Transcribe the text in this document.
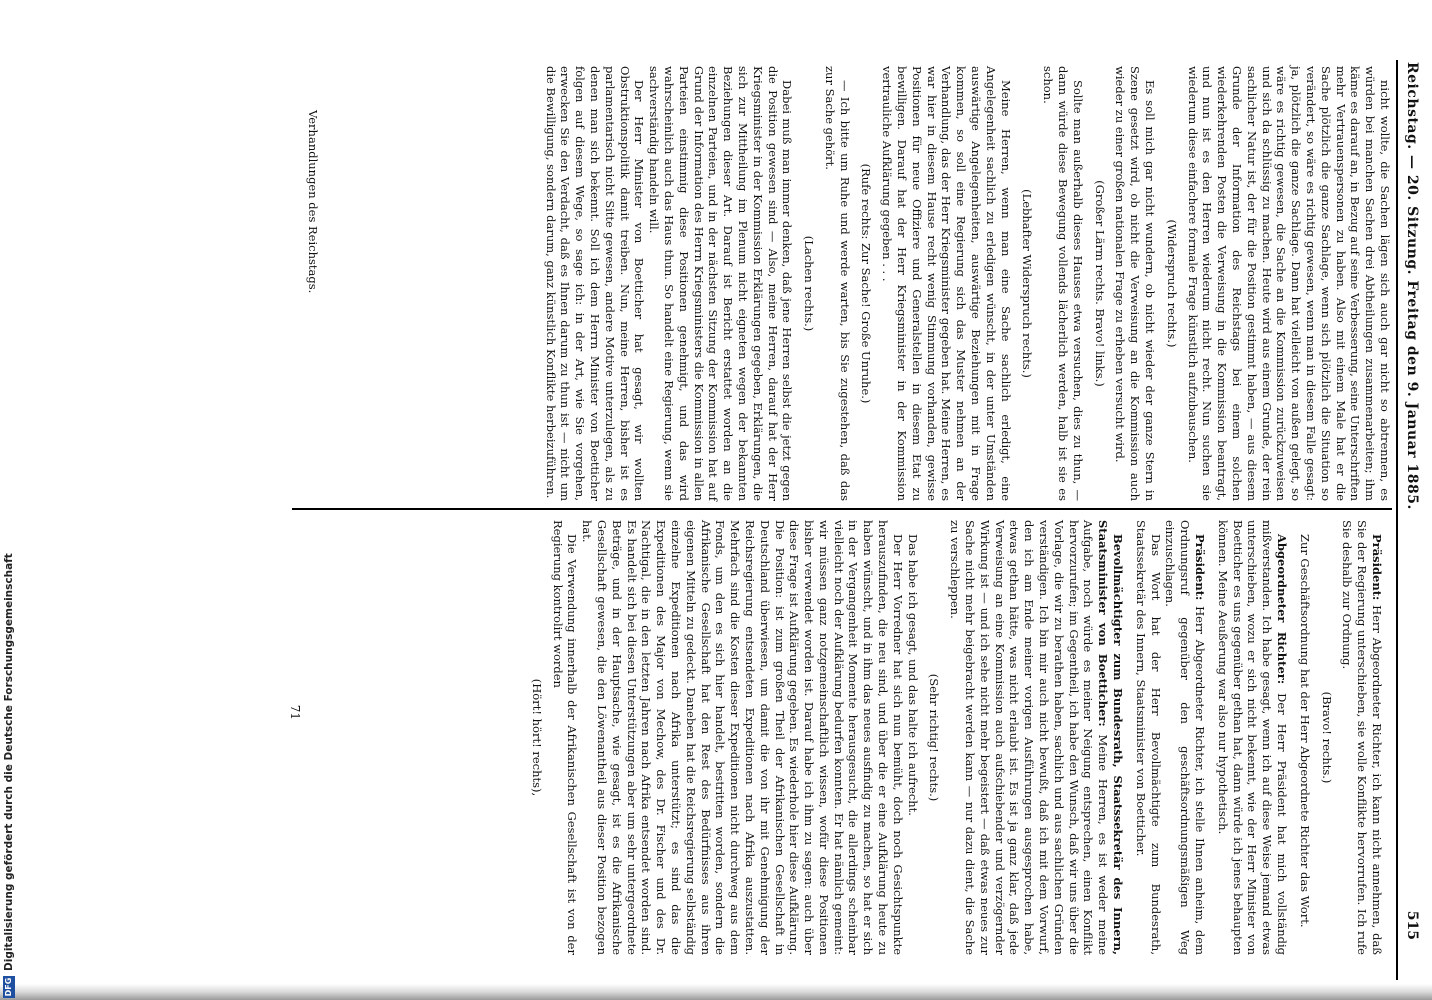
Reichstag. — 20. Sitzung. Freitag den 9. Januar 1885.
515

nicht wollte, die Sachen lägen sich auch gar nicht so abtrennen, es würden bei manchen Sachen drei Abtheilungen zusammenarbeiten; ihm käme es darauf an, in Bezug auf seine Verbesserung, seine Unterschriften mehr Vertrauenspersonen zu haben. Also mit einem Male hat er die Sache plötzlich die ganze Sachlage, wenn sich plötzlich die Situation so verändert, so wäre es richtig gewesen, wenn man in diesem Falle gesagt: ja, plötzlich die ganze Sachlage. Dann hat vielleicht von außen gelegt, so wäre es richtig gewesen, die Sache an die Kommission zurückzuweisen und sich da schlüssig zu machen. Heute wird aus einem Grunde, der rein sachlicher Natur ist, der für die Position gestimmt haben, — aus diesem Grunde der Information des Reichstags bei einem solchen wiederkehrenden Posten die Verweisung in die Kommission beantragt, und nun ist es den Herren wiederum nicht recht. Nun suchen sie wiederum diese einfachere formale Frage künstlich aufzubauschen.

(Widerspruch rechts.)

Es soll mich gar nicht wundern, ob nicht wieder der ganze Stern in Szene gesetzt wird, ob nicht die Verweisung an die Kommission auch wieder zu einer großen nationalen Frage zu erheben versucht wird.

(Großer Lärm rechts. Bravo! links.)

Sollte man außerhalb dieses Hauses etwa versuchen, dies zu thun, — dann würde diese Bewegung vollends lächerlich werden, halb ist sie es schon.

(Lebhafter Widerspruch rechts.)

Meine Herren, wenn man eine Sache sachlich erledigt, eine Angelegenheit sachlich zu erledigen wünscht, in der unter Umständen auswärtige Angelegenheiten, auswärtige Beziehungen mit in Frage kommen, so soll eine Regierung sich das Muster nehmen an der Verhandlung, das der Herr Kriegsminister gegeben hat. Meine Herren, es war hier in diesem Hause recht wenig Stimmung vorhanden, gewisse Positionen für neue Offiziere und Generalstellen in diesem Etat zu bewilligen. Darauf hat der Herr Kriegsminister in der Kommission vertrauliche Aufklärung gegeben . . .

(Rufe rechts: Zur Sache! Große Unruhe.)

— Ich bitte um Ruhe und werde warten, bis Sie zugestehen, daß das zur Sache gehört.

(Lachen rechts.)

Dabei muß man immer denken, daß jene Herren selbst die jetzt gegen die Position gewesen sind — Also, meine Herren, darauf hat der Herr Kriegsminister in der Kommission Erklärungen gegeben, Erklärungen, die sich zur Mittheilung im Plenum nicht eigneten wegen der bekannten Beziehungen dieser Art. Darauf ist Bericht erstattet worden an die einzelnen Parteien, und in der nächsten Sitzung der Kommission hat auf Grund der Information des Herrn Kriegsministers die Kommission in allen Parteien einstimmig diese Positionen genehmigt, und das wird wahrscheinlich auch das Haus thun. So handelt eine Regierung, wenn sie sachverständig handeln will.

Der Herr Minister von Boetticher hat gesagt, wir wollten Obstruktionspolitik damit treiben. Nun, meine Herren, bisher ist es parlamentarisch nicht Sitte gewesen, andere Motive unterzulegen, als zu denen man sich bekennt. Soll ich dem Herrn Minister von Boetticher folgen auf diesem Wege, so sage ich: in der Art, wie Sie vorgehen, erwecken Sie den Verdacht, daß es Ihnen darum zu thun ist — nicht um die Bewilligung, sondern darum, ganz künstlich Konflikte herbeizuführen.

Präsident: Herr Abgeordneter Richter, ich kann nicht annehmen, daß Sie der Regierung unterschieben, sie wolle Konflikte hervorrufen. Ich rufe Sie deshalb zur Ordnung.

(Bravo! rechts.)

Zur Geschäftsordnung hat der Herr Abgeordnete Richter das Wort.

Abgeordneter Richter: Der Herr Präsident hat mich vollständig mißverstanden. Ich habe gesagt, wenn ich auf diese Weise jemand etwas unterschieben, wozu er sich nicht bekennt, wie der Herr Minister von Boetticher es uns gegenüber gethan hat, dann würde ich jenes behaupten können. Meine Aeußerung war also nur hypothetisch.

Präsident: Herr Abgeordneter Richter, ich stelle Ihnen anheim, dem Ordnungsruf gegenüber den geschäftsordnungsmäßigen Weg einzuschlagen.

Das Wort hat der Herr Bevollmächtigte zum Bundesrath, Staatssekretär des Innern, Staatsminister von Boetticher.

Bevollmächtigter zum Bundesrath, Staatssekretär des Innern, Staatsminister von Boetticher: Meine Herren, es ist weder meine Aufgabe, noch würde es meiner Neigung entsprechen, einen Konflikt hervorzurufen; im Gegentheil, ich habe den Wunsch, daß wir uns über die Vorlage, die wir zu berathen haben, sachlich und aus sachlichen Gründen verständigen. Ich bin mir auch nicht bewußt, daß ich mit dem Vorwurf, den ich am Ende meiner vorigen Ausführungen ausgesprochen habe, etwas gethan hätte, was nicht erlaubt ist. Es ist ja ganz klar, daß jede Verweisung an eine Kommission auch aufschiebender und verzögernder Wirkung ist — und ich sehe nicht mehr begeistert — daß etwas neues zur Sache nicht mehr beigebracht werden kann — nur dazu dient, die Sache zu verschleppen.

(Sehr richtig! rechts.)

Das habe ich gesagt, und das halte ich aufrecht.

Der Herr Vorredner hat sich nun bemüht, doch noch Gesichtspunkte herauszufinden, die neu sind, und über die er eine Aufklärung heute zu haben wünscht, und in ihm das neues ausfindig zu machen, so hat er sich in der Vergangenheit Momente herausgesucht, die allerdings scheinbar vielleicht noch der Aufklärung bedurfen konnten. Er hat nämlich gemeint: wir müssen ganz notzgemeinschaftlich wissen, wofür diese Positionen bisher verwendet worden ist. Darauf habe ich ihm zu sagen: auch über diese Frage ist Aufklärung gegeben. Es wiederhole hier diese Aufklärung. Die Position: ist zum großen Theil der Afrikanischen Gesellschaft in Deutschland überwiesen, um damit die von ihr mit Genehmigung der Reichsregierung entsendeten Expeditionen nach Afrika auszustatten. Mehrfach sind die Kosten dieser Expeditionen nicht durchweg aus dem Fonds, um den es sich hier handelt, bestritten worden, sondern die Afrikanische Gesellschaft hat den Rest des Bedürfnisses aus ihren eigenen Mitteln zu gedeckt. Daneben hat die Reichsregierung selbständig einzelne Expeditionen nach Afrika unterstützt; es sind das die Expeditionen des Major von Mechow, des Dr. Fischer und des Dr. Nachtigal, die in den letzten Jahren nach Afrika entsendet worden sind. Es handelt sich bei diesen Unterstützungen aber um sehr untergeordnete Beträge, und in der Hauptsache, wie gesagt, ist es die Afrikanische Gesellschaft gewesen, die den Löwenantheil aus dieser Position bezogen hat.

Die Verwendung innerhalb der Afrikanischen Gesellschaft ist von der Regierung kontrolirt worden

(Hört! hört! rechts),

Verhandlungen des Reichstags.
71
DFG
Digitalisierung gefördert durch die Deutsche Forschungsgemeinschaft
